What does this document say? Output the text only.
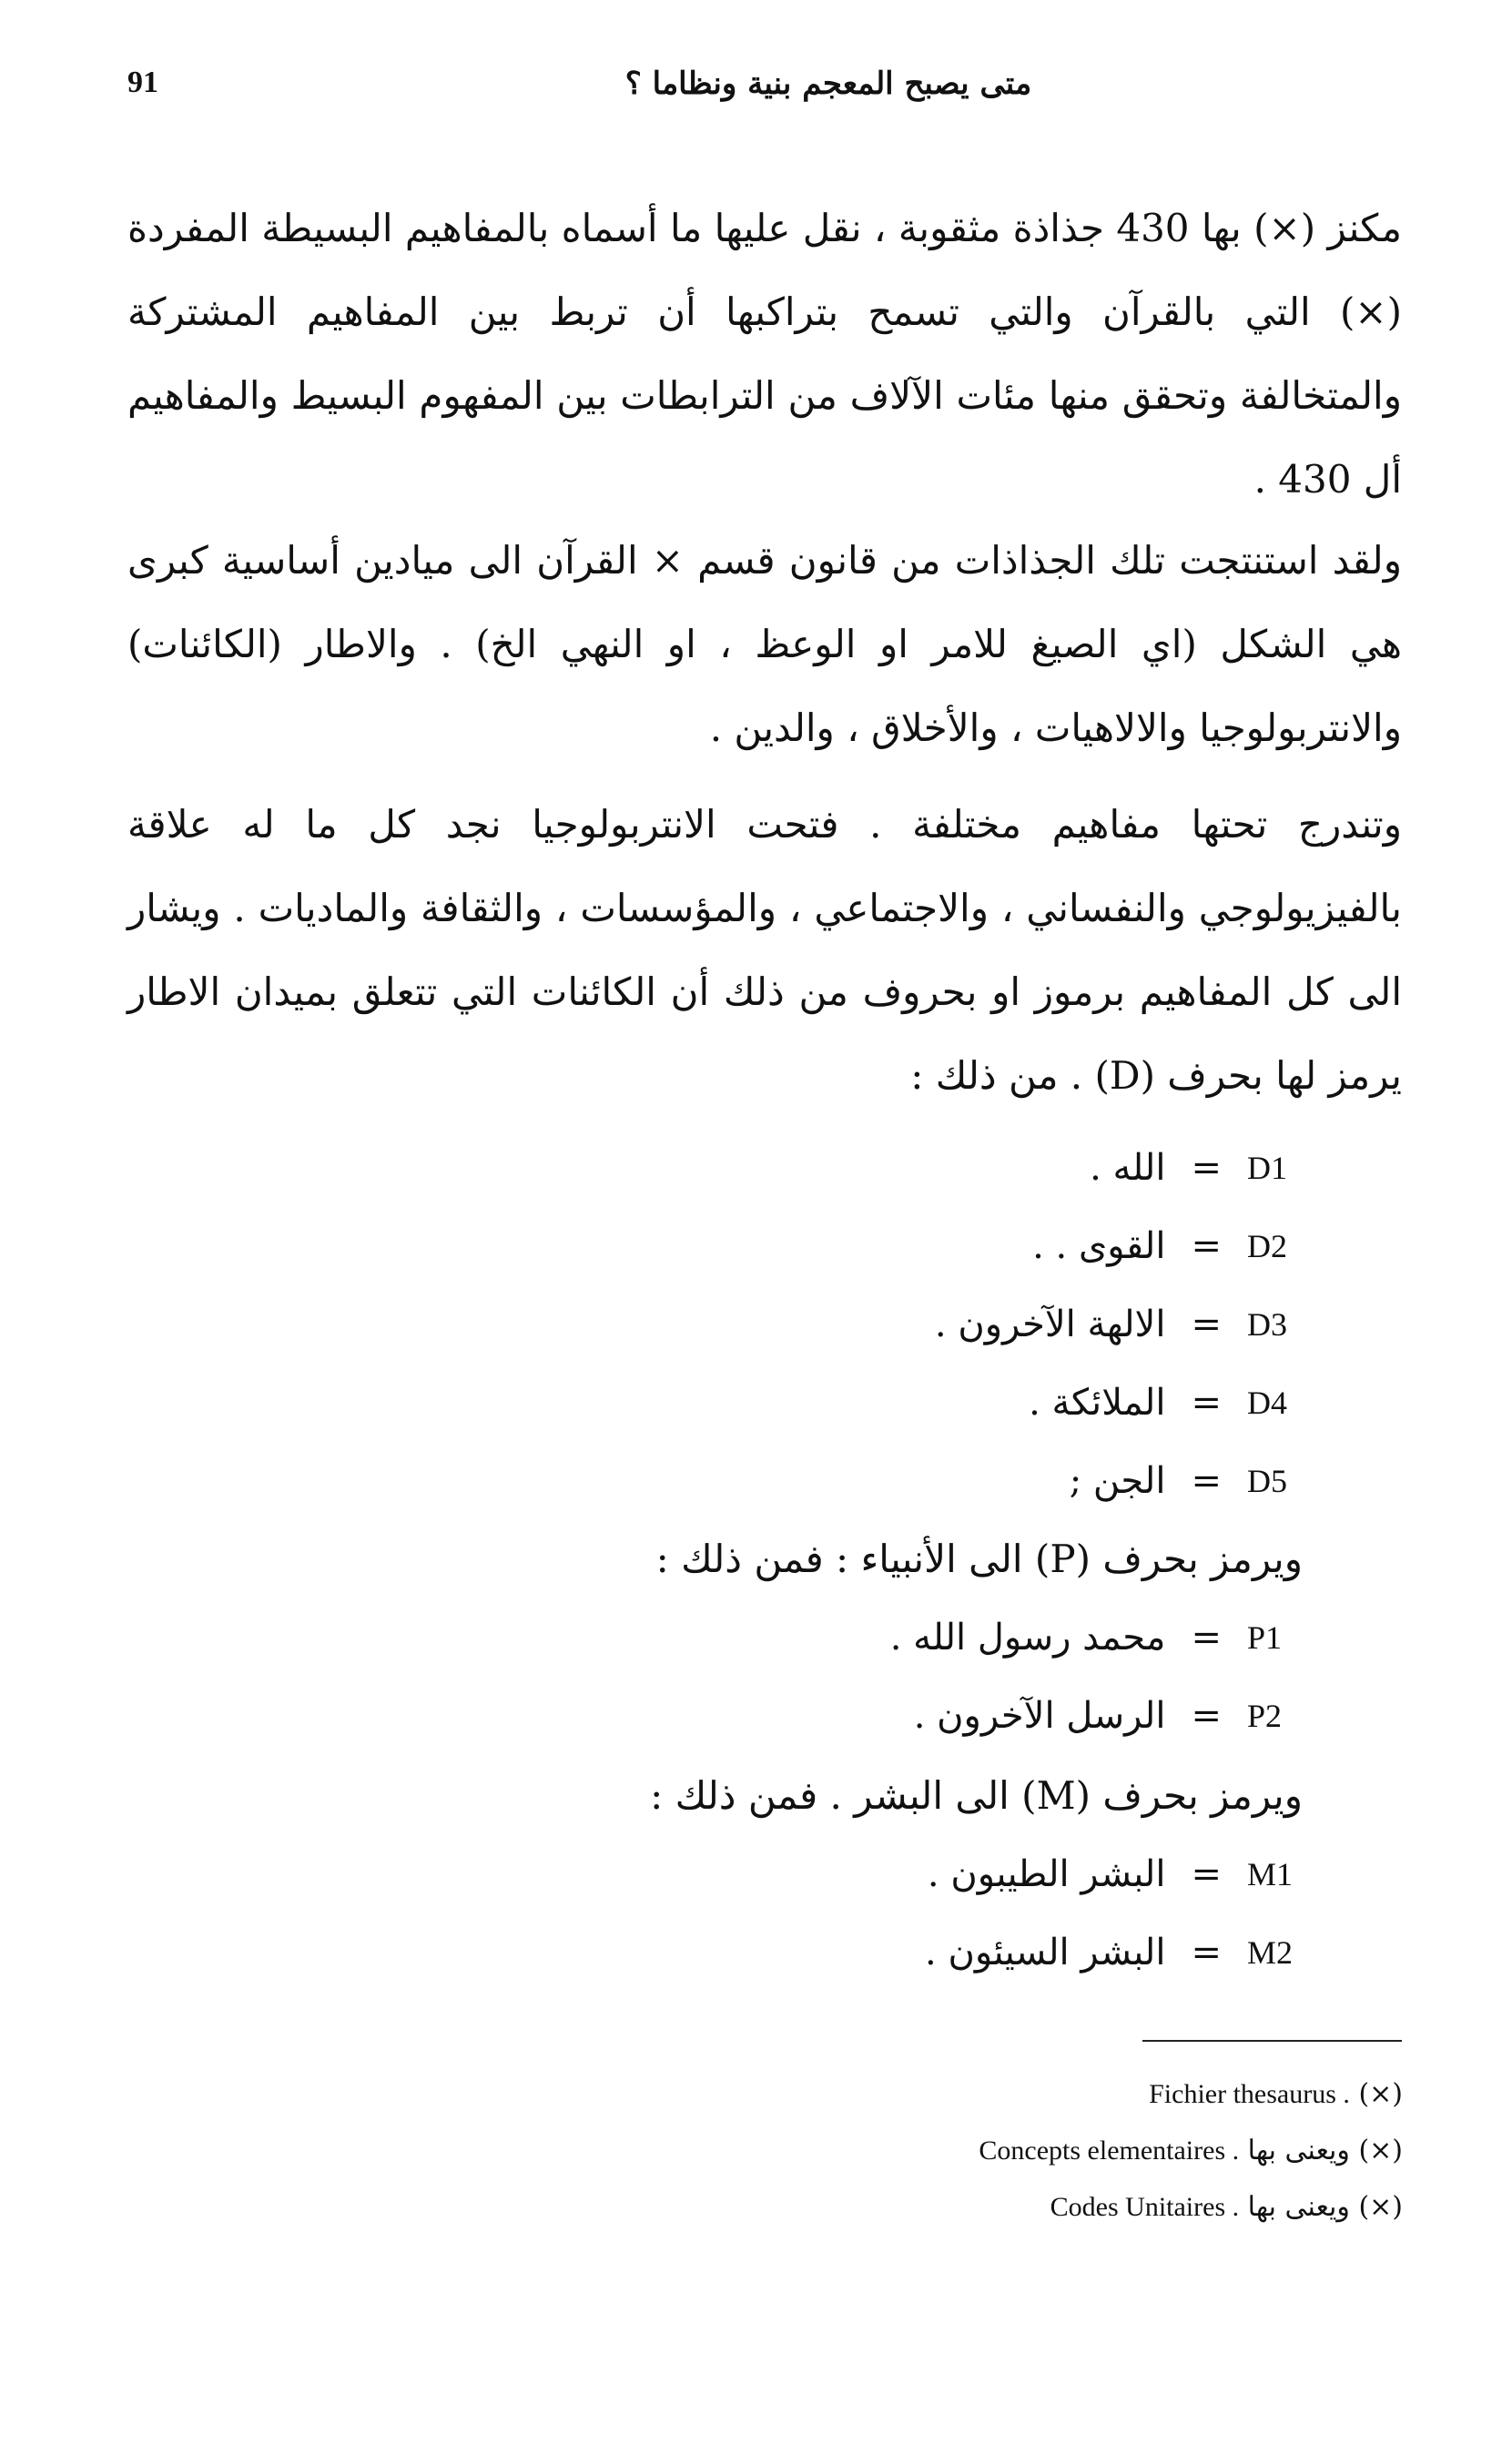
91	متى يصبح المعجم بنية ونظاما ؟

مكنز (×) بها 430 جذاذة مثقوبة ، نقل عليها ما أسماه بالمفاهيم البسيطة المفردة (×) التي بالقرآن والتي تسمح بتراكبها أن تربط بين المفاهيم المشتركة والمتخالفة وتحقق منها مئات الآلاف من الترابطات بين المفهوم البسيط والمفاهيم أل 430 .

ولقد استنتجت تلك الجذاذات من قانون قسم × القرآن الى ميادين أساسية كبرى هي الشكل (اي الصيغ للامر او الوعظ ، او النهي الخ) . والاطار (الكائنات) والانتربولوجيا والالاهيات ، والأخلاق ، والدين .

وتندرج تحتها مفاهيم مختلفة . فتحت الانتربولوجيا نجد كل ما له علاقة بالفيزيولوجي والنفساني ، والاجتماعي ، والمؤسسات ، والثقافة والماديات . ويشار الى كل المفاهيم برموز او بحروف من ذلك أن الكائنات التي تتعلق بميدان الاطار يرمز لها بحرف (D) . من ذلك :

الله . = D1
القوى . . = D2
الالهة الآخرون . = D3
الملائكة . = D4
الجن ; = D5
ويرمز بحرف (P) الى الأنبياء : فمن ذلك :
محمد رسول الله . = P1
الرسل الآخرون . = P2
ويرمز بحرف (M) الى البشر . فمن ذلك :
البشر الطيبون . = M1
البشر السيئون . = M2
(×) Fichier thesaurus .
(×) ويعنى بها Concepts elementaires .
(×) ويعنى بها Codes Unitaires .
